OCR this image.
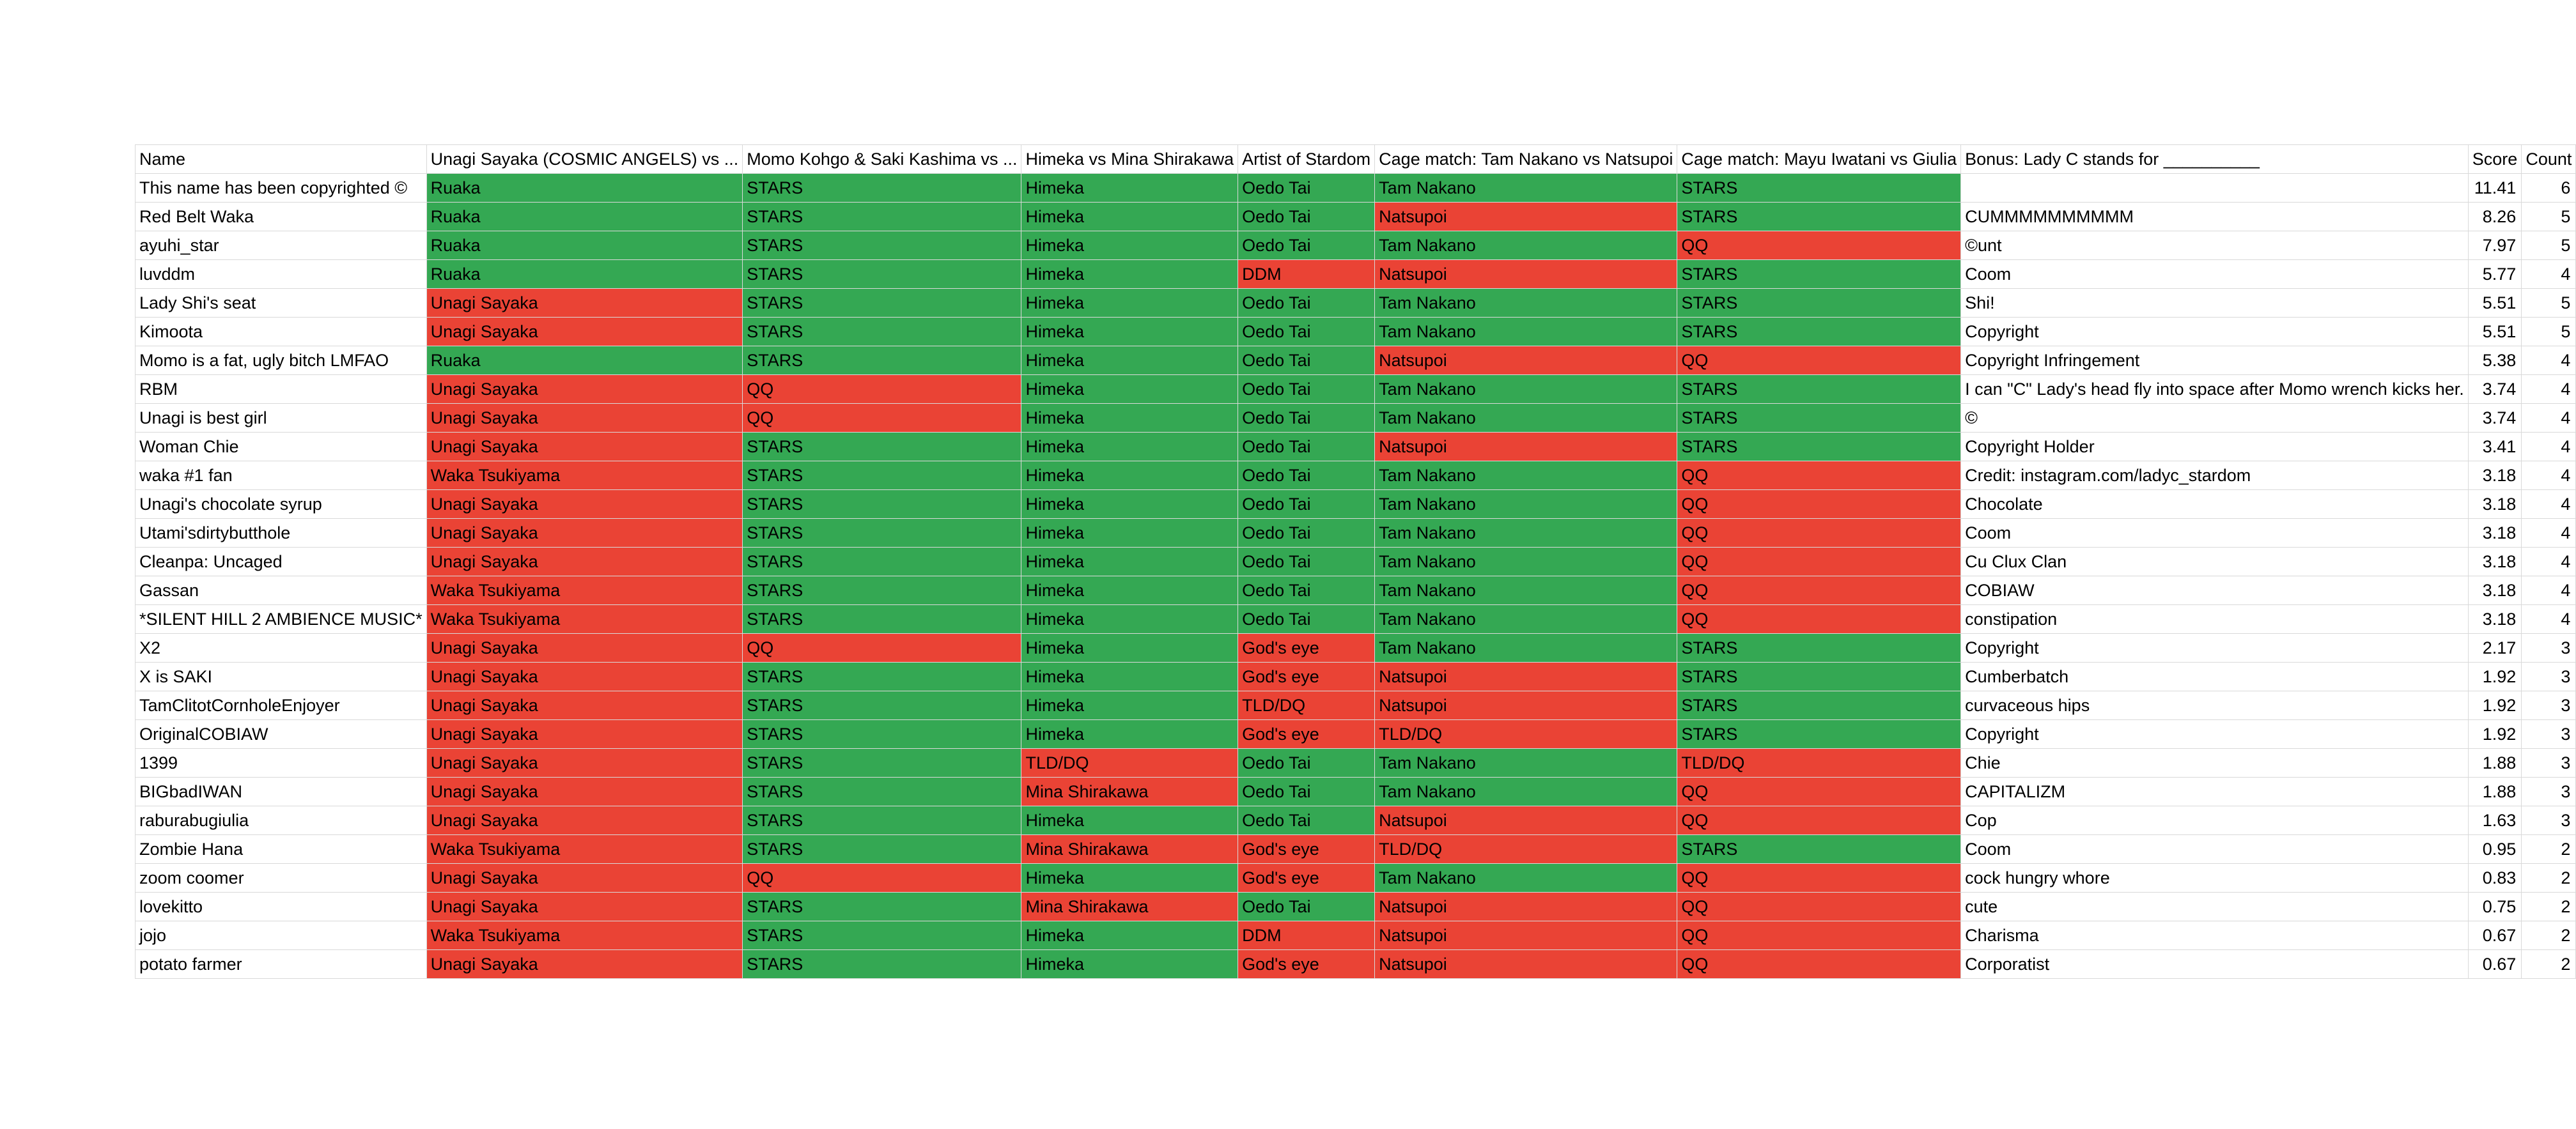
Name	Unagi Sayaka (COSMIC ANGELS) vs ...	Momo Kohgo & Saki Kashima vs ...	Himeka vs Mina Shirakawa	Artist of Stardom	Cage match: Tam Nakano vs Natsupoi	Cage match: Mayu Iwatani vs Giulia	Bonus: Lady C stands for __________	Score	Count
This name has been copyrighted ©	Ruaka	STARS	Himeka	Oedo Tai	Tam Nakano	STARS		11.41	6
Red Belt Waka	Ruaka	STARS	Himeka	Oedo Tai	Natsupoi	STARS	CUMMMMMMMMMM	8.26	5
ayuhi_star	Ruaka	STARS	Himeka	Oedo Tai	Tam Nakano	QQ	©unt	7.97	5
luvddm	Ruaka	STARS	Himeka	DDM	Natsupoi	STARS	Coom	5.77	4
Lady Shi's seat	Unagi Sayaka	STARS	Himeka	Oedo Tai	Tam Nakano	STARS	Shi!	5.51	5
Kimoota	Unagi Sayaka	STARS	Himeka	Oedo Tai	Tam Nakano	STARS	Copyright	5.51	5
Momo is a fat, ugly bitch LMFAO	Ruaka	STARS	Himeka	Oedo Tai	Natsupoi	QQ	Copyright Infringement	5.38	4
RBM	Unagi Sayaka	QQ	Himeka	Oedo Tai	Tam Nakano	STARS	I can "C" Lady's head fly into space after Momo wrench kicks her.	3.74	4
Unagi is best girl	Unagi Sayaka	QQ	Himeka	Oedo Tai	Tam Nakano	STARS	©	3.74	4
Woman Chie	Unagi Sayaka	STARS	Himeka	Oedo Tai	Natsupoi	STARS	Copyright Holder	3.41	4
waka #1 fan	Waka Tsukiyama	STARS	Himeka	Oedo Tai	Tam Nakano	QQ	Credit: instagram.com/ladyc_stardom	3.18	4
Unagi's chocolate syrup	Unagi Sayaka	STARS	Himeka	Oedo Tai	Tam Nakano	QQ	Chocolate	3.18	4
Utami'sdirtybutthole	Unagi Sayaka	STARS	Himeka	Oedo Tai	Tam Nakano	QQ	Coom	3.18	4
Cleanpa: Uncaged	Unagi Sayaka	STARS	Himeka	Oedo Tai	Tam Nakano	QQ	Cu Clux Clan	3.18	4
Gassan	Waka Tsukiyama	STARS	Himeka	Oedo Tai	Tam Nakano	QQ	COBIAW	3.18	4
*SILENT HILL 2 AMBIENCE MUSIC*	Waka Tsukiyama	STARS	Himeka	Oedo Tai	Tam Nakano	QQ	constipation	3.18	4
X2	Unagi Sayaka	QQ	Himeka	God's eye	Tam Nakano	STARS	Copyright	2.17	3
X is SAKI	Unagi Sayaka	STARS	Himeka	God's eye	Natsupoi	STARS	Cumberbatch	1.92	3
TamClitotCornholeEnjoyer	Unagi Sayaka	STARS	Himeka	TLD/DQ	Natsupoi	STARS	curvaceous hips	1.92	3
OriginalCOBIAW	Unagi Sayaka	STARS	Himeka	God's eye	TLD/DQ	STARS	Copyright	1.92	3
1399	Unagi Sayaka	STARS	TLD/DQ	Oedo Tai	Tam Nakano	TLD/DQ	Chie	1.88	3
BIGbadIWAN	Unagi Sayaka	STARS	Mina Shirakawa	Oedo Tai	Tam Nakano	QQ	CAPITALIZM	1.88	3
raburabugiulia	Unagi Sayaka	STARS	Himeka	Oedo Tai	Natsupoi	QQ	Cop	1.63	3
Zombie Hana	Waka Tsukiyama	STARS	Mina Shirakawa	God's eye	TLD/DQ	STARS	Coom	0.95	2
zoom coomer	Unagi Sayaka	QQ	Himeka	God's eye	Tam Nakano	QQ	cock hungry whore	0.83	2
lovekitto	Unagi Sayaka	STARS	Mina Shirakawa	Oedo Tai	Natsupoi	QQ	cute	0.75	2
jojo	Waka Tsukiyama	STARS	Himeka	DDM	Natsupoi	QQ	Charisma	0.67	2
potato farmer	Unagi Sayaka	STARS	Himeka	God's eye	Natsupoi	QQ	Corporatist	0.67	2
